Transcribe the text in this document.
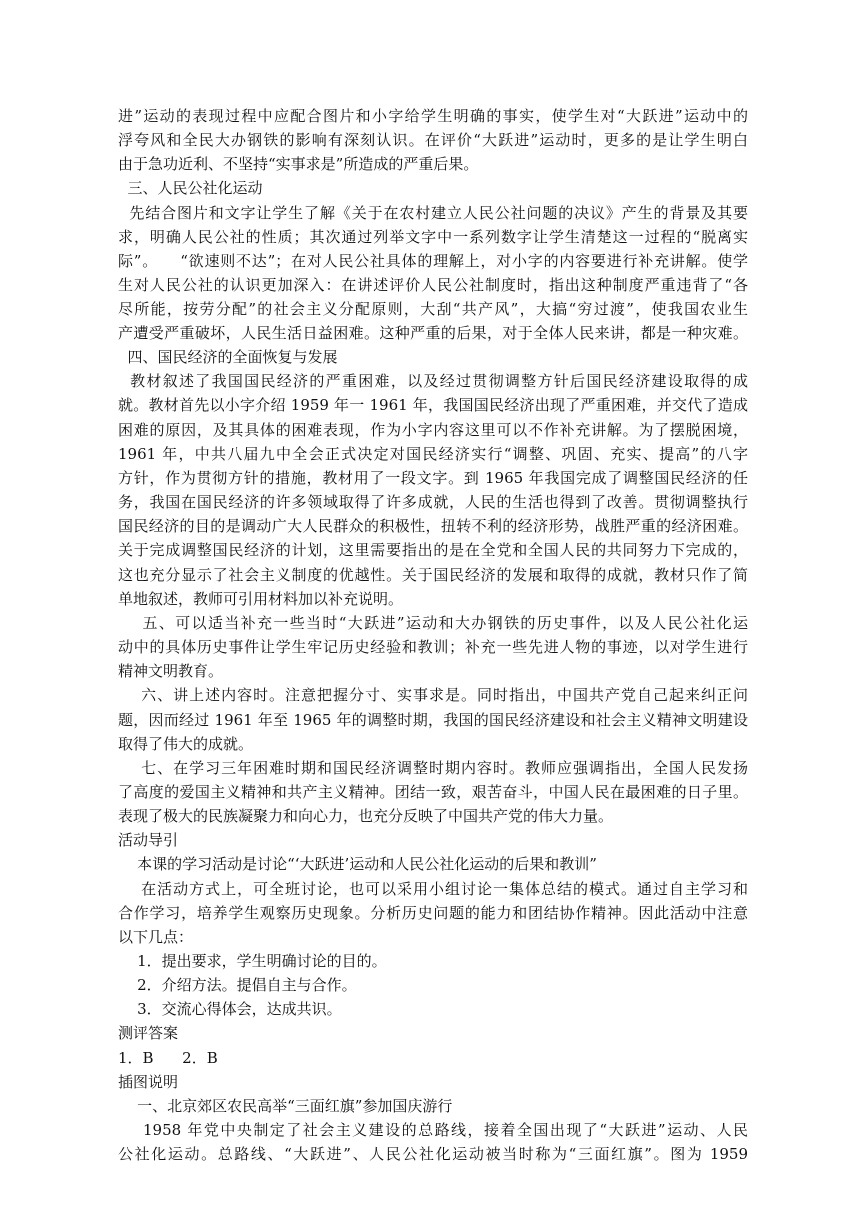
进”运动的表现过程中应配合图片和小字给学生明确的事实，使学生对“大跃进”运动中的

浮夸风和全民大办钢铁的影响有深刻认识。在评价“大跃进”运动时，更多的是让学生明白

由于急功近利、不坚持“实事求是”所造成的严重后果。

三、人民公社化运动

先结合图片和文字让学生了解《关于在农村建立人民公社问题的决议》产生的背景及其要

求，明确人民公社的性质；其次通过列举文字中一系列数字让学生清楚这一过程的“脱离实

际”。    “欲速则不达”；在对人民公社具体的理解上，对小字的内容要进行补充讲解。使学

生对人民公社的认识更加深入：在讲述评价人民公社制度时，指出这种制度严重违背了“各

尽所能，按劳分配”的社会主义分配原则，大刮“共产风”，大搞“穷过渡”，使我国农业生

产遭受严重破坏，人民生活日益困难。这种严重的后果，对于全体人民来讲，都是一种灾难。

四、国民经济的全面恢复与发展

教材叙述了我国国民经济的严重困难，以及经过贯彻调整方针后国民经济建设取得的成

就。教材首先以小字介绍 1959 年一 1961 年，我国国民经济出现了严重困难，并交代了造成

困难的原因，及其具体的困难表现，作为小字内容这里可以不作补充讲解。为了摆脱困境，

1961 年，中共八届九中全会正式决定对国民经济实行“调整、巩固、充实、提高”的八字

方针，作为贯彻方针的措施，教材用了一段文字。到 1965 年我国完成了调整国民经济的任

务，我国在国民经济的许多领域取得了许多成就，人民的生活也得到了改善。贯彻调整执行

国民经济的目的是调动广大人民群众的积极性，扭转不利的经济形势，战胜严重的经济困难。

关于完成调整国民经济的计划，这里需要指出的是在全党和全国人民的共同努力下完成的，

这也充分显示了社会主义制度的优越性。关于国民经济的发展和取得的成就，教材只作了简

单地叙述，教师可引用材料加以补充说明。

五、可以适当补充一些当时“大跃进”运动和大办钢铁的历史事件，以及人民公社化运

动中的具体历史事件让学生牢记历史经验和教训；补充一些先进人物的事迹，以对学生进行

精神文明教育。

六、讲上述内容时。注意把握分寸、实事求是。同时指出，中国共产党自己起来纠正问

题，因而经过 1961 年至 1965 年的调整时期，我国的国民经济建设和社会主义精神文明建设

取得了伟大的成就。

七、在学习三年困难时期和国民经济调整时期内容时。教师应强调指出，全国人民发扬

了高度的爱国主义精神和共产主义精神。团结一致，艰苦奋斗，中国人民在最困难的日子里。

表现了极大的民族凝聚力和向心力，也充分反映了中国共产党的伟大力量。

活动导引

本课的学习活动是讨论“‘大跃进’运动和人民公社化运动的后果和教训”

在活动方式上，可全班讨论，也可以采用小组讨论一集体总结的模式。通过自主学习和

合作学习，培养学生观察历史现象。分析历史问题的能力和团结协作精神。因此活动中注意

以下几点：

1．提出要求，学生明确讨论的目的。

2．介绍方法。提倡自主与合作。

3．交流心得体会，达成共识。

测评答案

1．B      2．B

插图说明

一、北京郊区农民高举“三面红旗”参加国庆游行

1958 年党中央制定了社会主义建设的总路线，接着全国出现了“大跃进”运动、人民

公社化运动。总路线、“大跃进”、人民公社化运动被当时称为“三面红旗”。图为 1959
